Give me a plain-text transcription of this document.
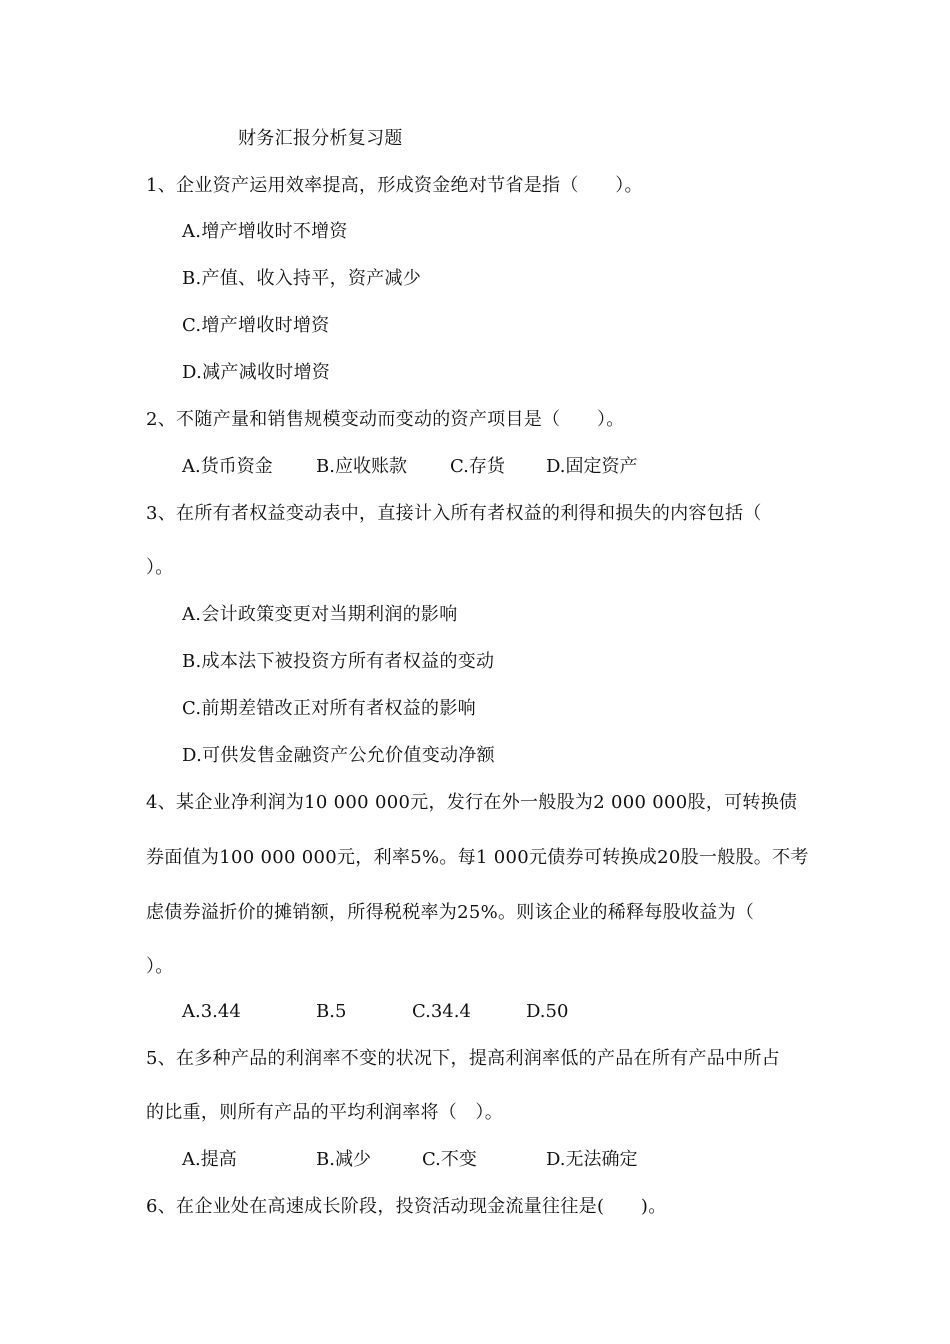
财务汇报分析复习题
1、企业资产运用效率提高，形成资金绝对节省是指（　　）。
A.增产增收时不增资
B.产值、收入持平，资产减少
C.增产增收时增资
D.减产减收时增资
2、不随产量和销售规模变动而变动的资产项目是（　　）。
A.货币资金 B.应收账款 C.存货 D.固定资产
3、在所有者权益变动表中，直接计入所有者权益的利得和损失的内容包括（
）。
A.会计政策变更对当期利润的影响
B.成本法下被投资方所有者权益的变动
C.前期差错改正对所有者权益的影响
D.可供发售金融资产公允价值变动净额
4、某企业净利润为10 000 000元，发行在外一般股为2 000 000股，可转换债
券面值为100 000 000元，利率5%。每1 000元债券可转换成20股一般股。不考
虑债券溢折价的摊销额，所得税税率为25%。则该企业的稀释每股收益为（
）。
A.3.44	B.5	C.34.4	D.50
5、在多种产品的利润率不变的状况下，提高利润率低的产品在所有产品中所占
的比重，则所有产品的平均利润率将（　）。
A.提高	B.减少	C.不变	D.无法确定
6、在企业处在高速成长阶段，投资活动现金流量往往是(　　)。
